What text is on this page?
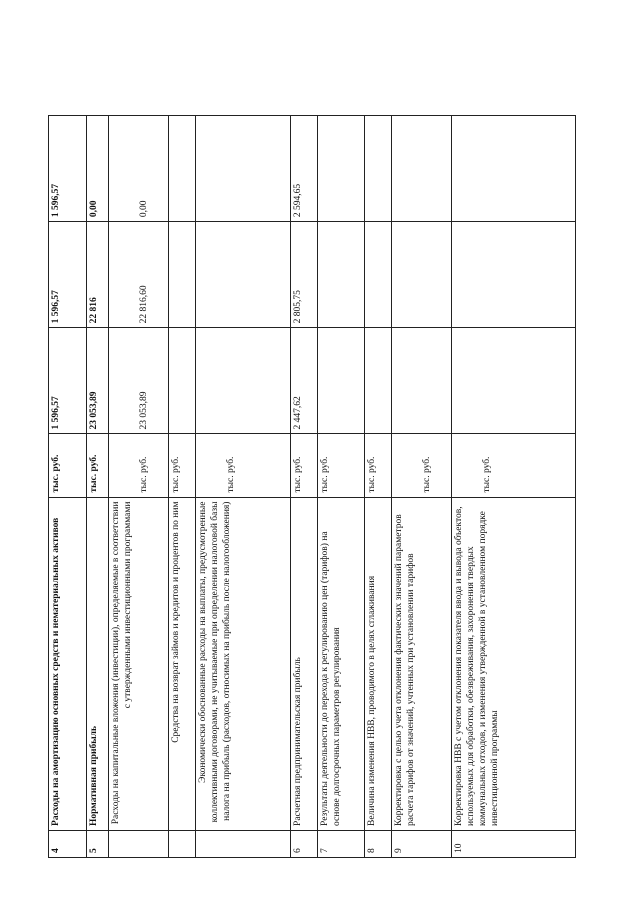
4	Расходы на амортизацию основных средств и нематериальных активов	тыс. руб.	1 596,57	1 596,57	1 596,57
5	Нормативная прибыль	тыс. руб.	23 053,89	22 816	0,00
	Расходы на капитальные вложения (инвестиции), определяемые в соответствии с утвержденными инвестиционными программами	тыс. руб.	23 053,89	22 816,60	0,00
	Средства на возврат займов и кредитов и процентов по ним	тыс. руб.			
	Экономически обоснованные расходы на выплаты, предусмотренные коллективными договорами, не учитываемые при определении налоговой базы налога на прибыль (расходов, относимых на прибыль после налогообложения)	тыс. руб.			
6	Расчетная предпринимательская прибыль	тыс. руб.	2 447,62	2 805,75	2 594,65
7	Результаты деятельности до перехода к регулированию цен (тарифов) на основе долгосрочных параметров регулирования	тыс. руб.			
8	Величина изменения НВВ, проводимого в целях сглаживания	тыс. руб.			
9	Корректировка с целью учета отклонения фактических значений параметров расчета тарифов от значений, учтенных при установлении тарифов	тыс. руб.			
10	Корректировка НВВ с учетом отклонения показателя ввода и вывода объектов, используемых для обработки, обезвреживания, захоронения твердых коммунальных отходов, и изменения утвержденной в установленном порядке инвестиционной программы	тыс. руб.			
